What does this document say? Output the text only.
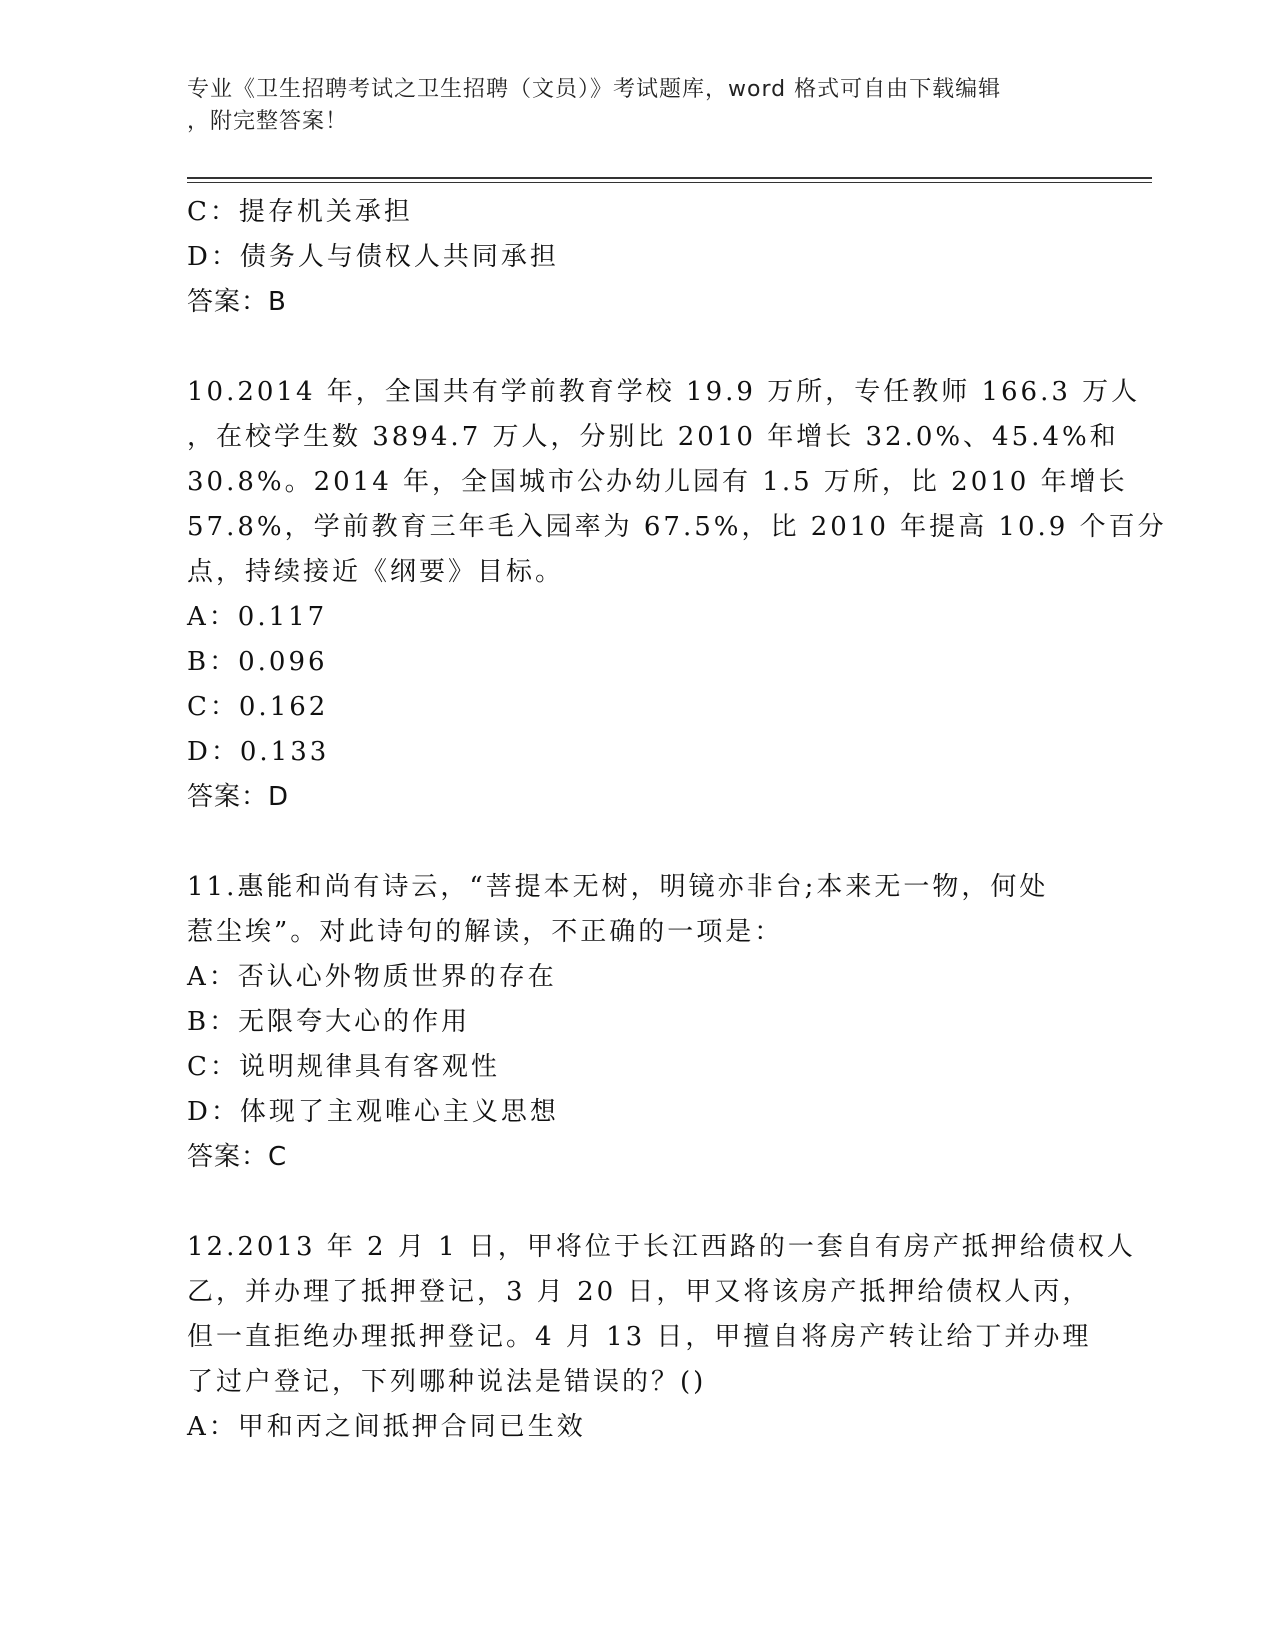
专业《卫生招聘考试之卫生招聘（文员）》考试题库，word 格式可自由下载编辑
，附完整答案！
C：提存机关承担
D：债务人与债权人共同承担
答案：B
10.2014 年，全国共有学前教育学校 19.9 万所，专任教师 166.3 万人
，在校学生数 3894.7 万人，分别比 2010 年增长 32.0%、45.4%和
30.8%。2014 年，全国城市公办幼儿园有 1.5 万所，比 2010 年增长
57.8%，学前教育三年毛入园率为 67.5%，比 2010 年提高 10.9 个百分
点，持续接近《纲要》目标。
A：0.117
B：0.096
C：0.162
D：0.133
答案：D
11.惠能和尚有诗云，“菩提本无树，明镜亦非台;本来无一物，何处
惹尘埃”。对此诗句的解读，不正确的一项是：
A：否认心外物质世界的存在
B：无限夸大心的作用
C：说明规律具有客观性
D：体现了主观唯心主义思想
答案：C
12.2013 年 2 月 1 日，甲将位于长江西路的一套自有房产抵押给债权人
乙，并办理了抵押登记，3 月 20 日，甲又将该房产抵押给债权人丙，
但一直拒绝办理抵押登记。4 月 13 日，甲擅自将房产转让给丁并办理
了过户登记，下列哪种说法是错误的？()
A：甲和丙之间抵押合同已生效
